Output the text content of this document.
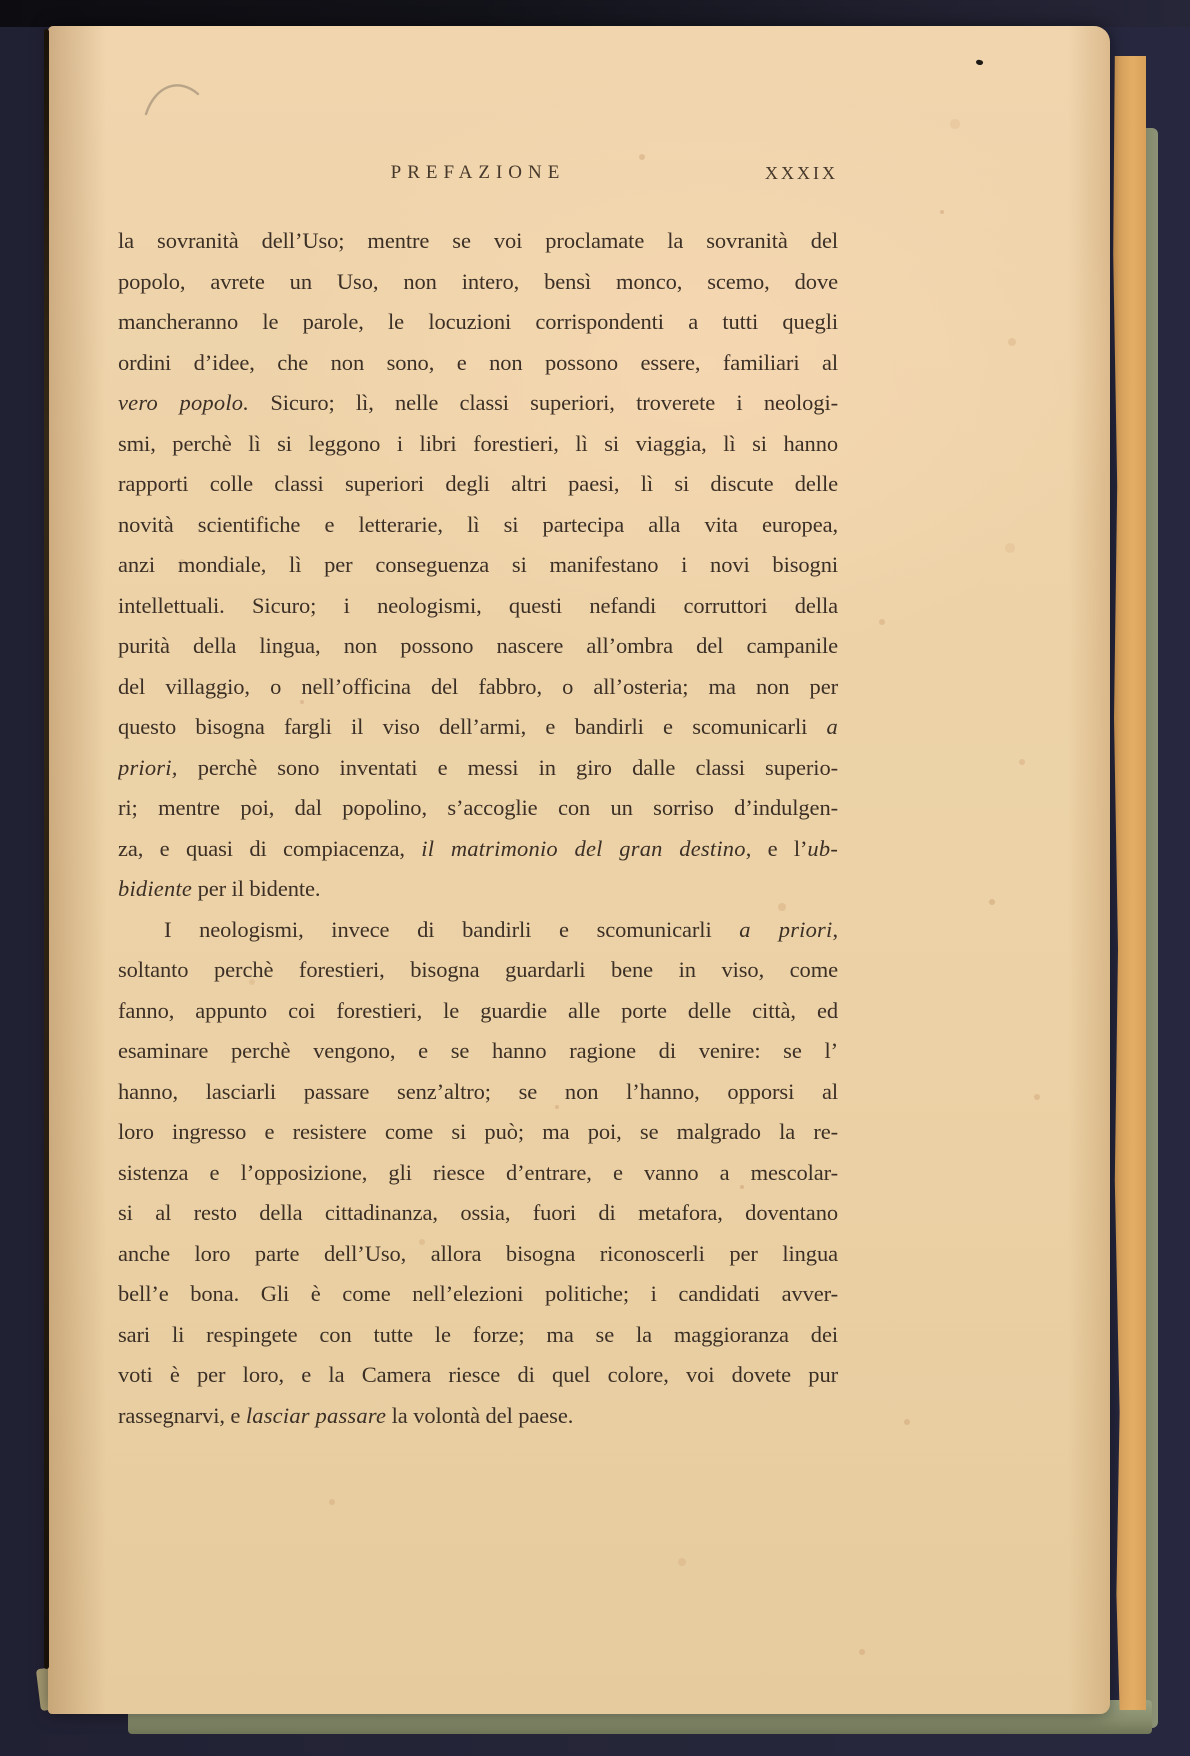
PREFAZIONE	XXXIX
la sovranità dell’Uso; mentre se voi proclamate la sovranità del
popolo, avrete un Uso, non intero, bensì monco, scemo, dove
mancheranno le parole, le locuzioni corrispondenti a tutti quegli
ordini d’idee, che non sono, e non possono essere, familiari al
vero popolo. Sicuro; lì, nelle classi superiori, troverete i neologi-
smi, perchè lì si leggono i libri forestieri, lì si viaggia, lì si hanno
rapporti colle classi superiori degli altri paesi, lì si discute delle
novità scientifiche e letterarie, lì si partecipa alla vita europea,
anzi mondiale, lì per conseguenza si manifestano i novi bisogni
intellettuali. Sicuro; i neologismi, questi nefandi corruttori della
purità della lingua, non possono nascere all’ombra del campanile
del villaggio, o nell’officina del fabbro, o all’osteria; ma non per
questo bisogna fargli il viso dell’armi, e bandirli e scomunicarli a
priori, perchè sono inventati e messi in giro dalle classi superio-
ri; mentre poi, dal popolino, s’accoglie con un sorriso d’indulgen-
za, e quasi di compiacenza, il matrimonio del gran destino, e l’ub-
bidiente per il bidente.
I neologismi, invece di bandirli e scomunicarli a priori,
soltanto perchè forestieri, bisogna guardarli bene in viso, come
fanno, appunto coi forestieri, le guardie alle porte delle città, ed
esaminare perchè vengono, e se hanno ragione di venire: se l’
hanno, lasciarli passare senz’altro; se non l’hanno, opporsi al
loro ingresso e resistere come si può; ma poi, se malgrado la re-
sistenza e l’opposizione, gli riesce d’entrare, e vanno a mescolar-
si al resto della cittadinanza, ossia, fuori di metafora, doventano
anche loro parte dell’Uso, allora bisogna riconoscerli per lingua
bell’e bona. Gli è come nell’elezioni politiche; i candidati avver-
sari li respingete con tutte le forze; ma se la maggioranza dei
voti è per loro, e la Camera riesce di quel colore, voi dovete pur
rassegnarvi, e lasciar passare la volontà del paese.
